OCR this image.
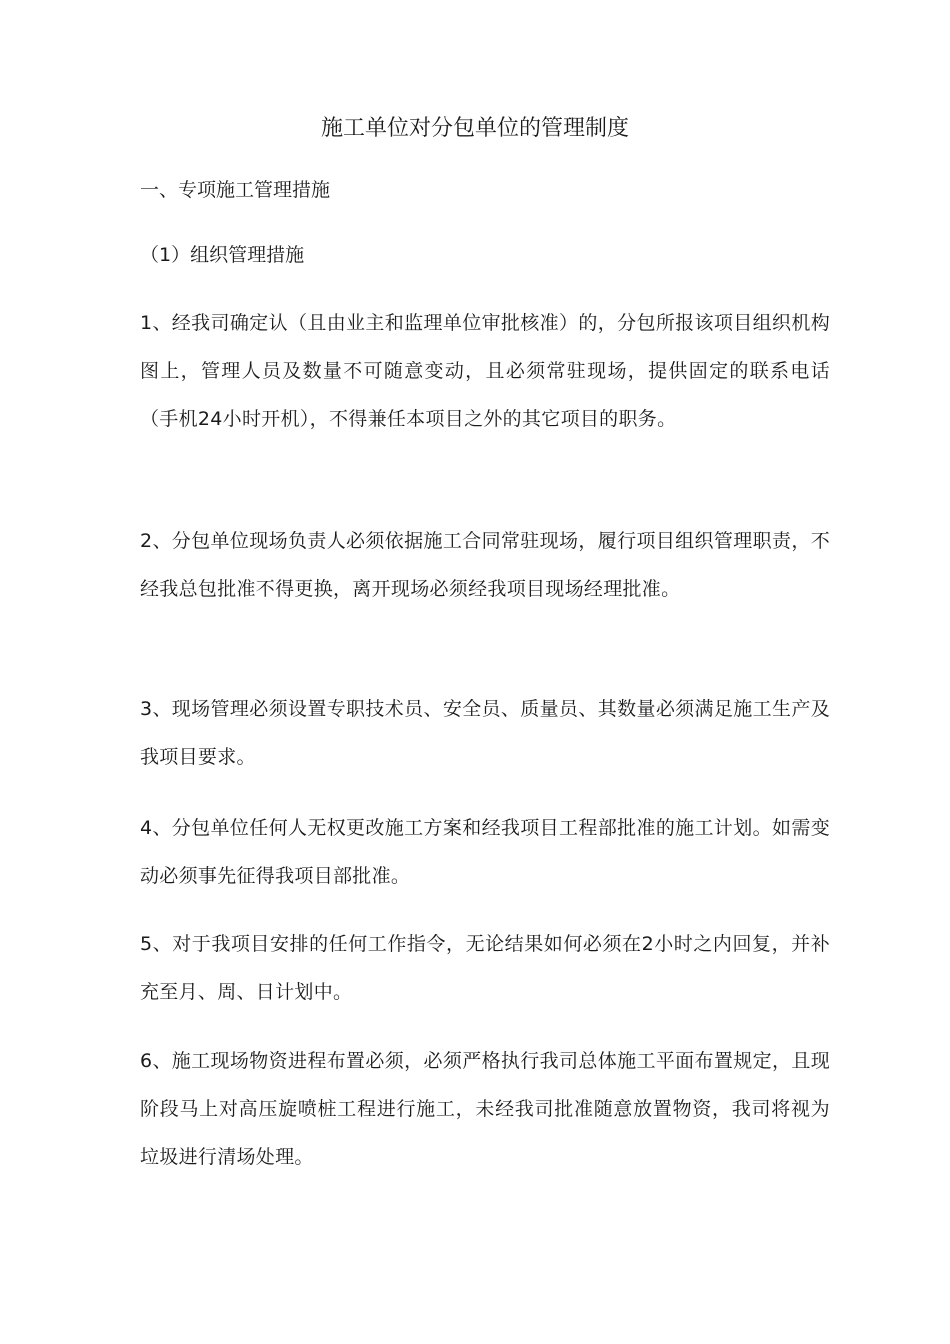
施工单位对分包单位的管理制度
一、专项施工管理措施
（1）组织管理措施

1、经我司确定认（且由业主和监理单位审批核准）的，分包所报该项目组织机构图上，管理人员及数量不可随意变动，且必须常驻现场，提供固定的联系电话（手机24小时开机），不得兼任本项目之外的其它项目的职务。

2、分包单位现场负责人必须依据施工合同常驻现场，履行项目组织管理职责，不经我总包批准不得更换，离开现场必须经我项目现场经理批准。

3、现场管理必须设置专职技术员、安全员、质量员、其数量必须满足施工生产及我项目要求。

4、分包单位任何人无权更改施工方案和经我项目工程部批准的施工计划。如需变动必须事先征得我项目部批准。

5、对于我项目安排的任何工作指令，无论结果如何必须在2小时之内回复，并补充至月、周、日计划中。

6、施工现场物资进程布置必须，必须严格执行我司总体施工平面布置规定，且现阶段马上对高压旋喷桩工程进行施工，未经我司批准随意放置物资，我司将视为垃圾进行清场处理。
